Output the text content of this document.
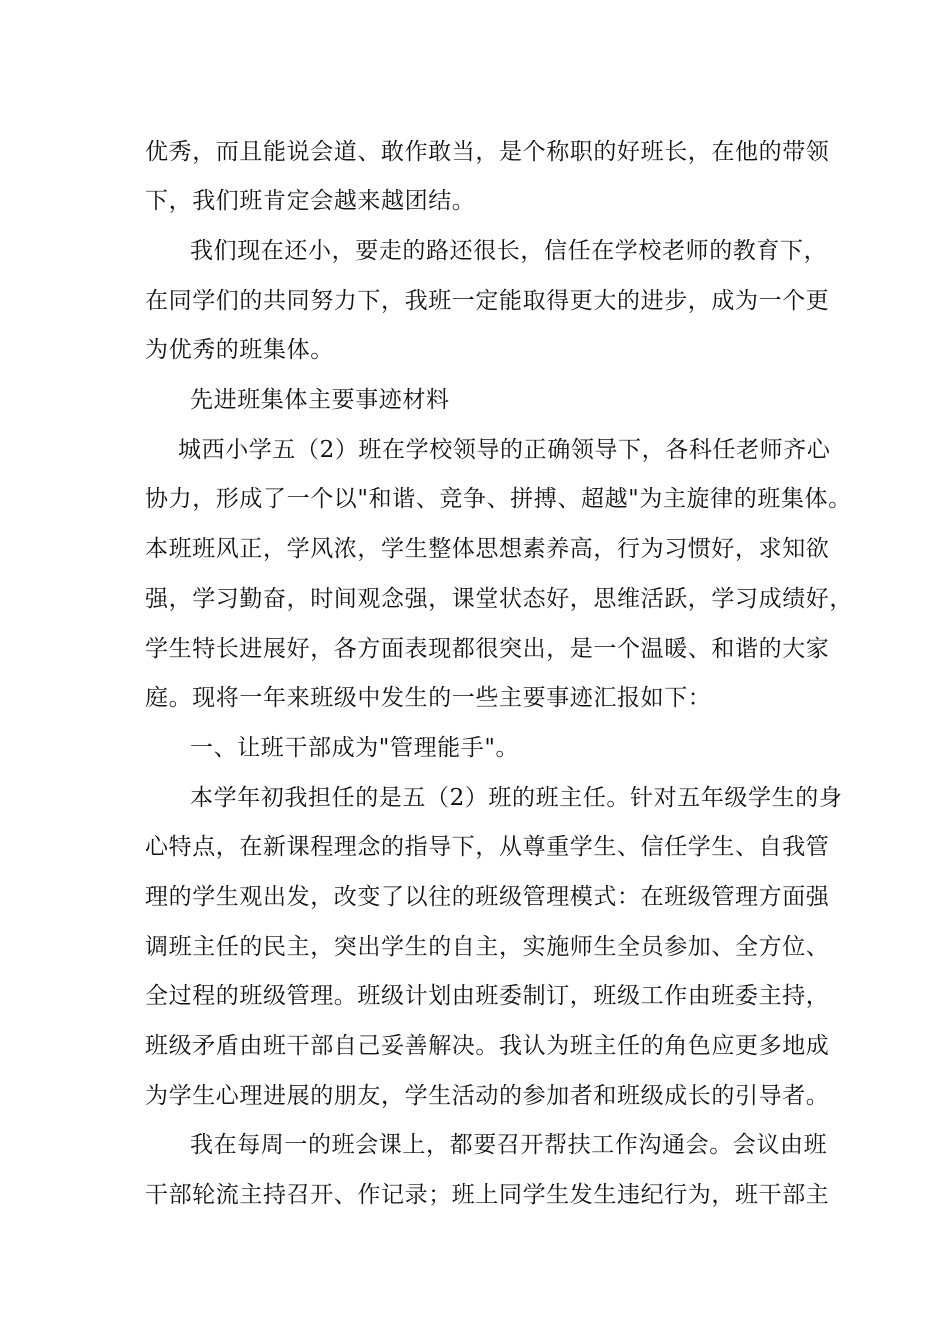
优秀，而且能说会道、敢作敢当，是个称职的好班长，在他的带领

下，我们班肯定会越来越团结。

我们现在还小，要走的路还很长，信任在学校老师的教育下，

在同学们的共同努力下，我班一定能取得更大的进步，成为一个更

为优秀的班集体。

先进班集体主要事迹材料

城西小学五（2）班在学校领导的正确领导下，各科任老师齐心

协力，形成了一个以"和谐、竞争、拼搏、超越"为主旋律的班集体。

本班班风正，学风浓，学生整体思想素养高，行为习惯好，求知欲

强，学习勤奋，时间观念强，课堂状态好，思维活跃，学习成绩好，

学生特长进展好，各方面表现都很突出，是一个温暖、和谐的大家

庭。现将一年来班级中发生的一些主要事迹汇报如下：

一、让班干部成为"管理能手"。

本学年初我担任的是五（2）班的班主任。针对五年级学生的身

心特点，在新课程理念的指导下，从尊重学生、信任学生、自我管

理的学生观出发，改变了以往的班级管理模式：在班级管理方面强

调班主任的民主，突出学生的自主，实施师生全员参加、全方位、

全过程的班级管理。班级计划由班委制订，班级工作由班委主持，

班级矛盾由班干部自己妥善解决。我认为班主任的角色应更多地成

为学生心理进展的朋友，学生活动的参加者和班级成长的引导者。

我在每周一的班会课上，都要召开帮扶工作沟通会。会议由班

干部轮流主持召开、作记录；班上同学生发生违纪行为，班干部主
